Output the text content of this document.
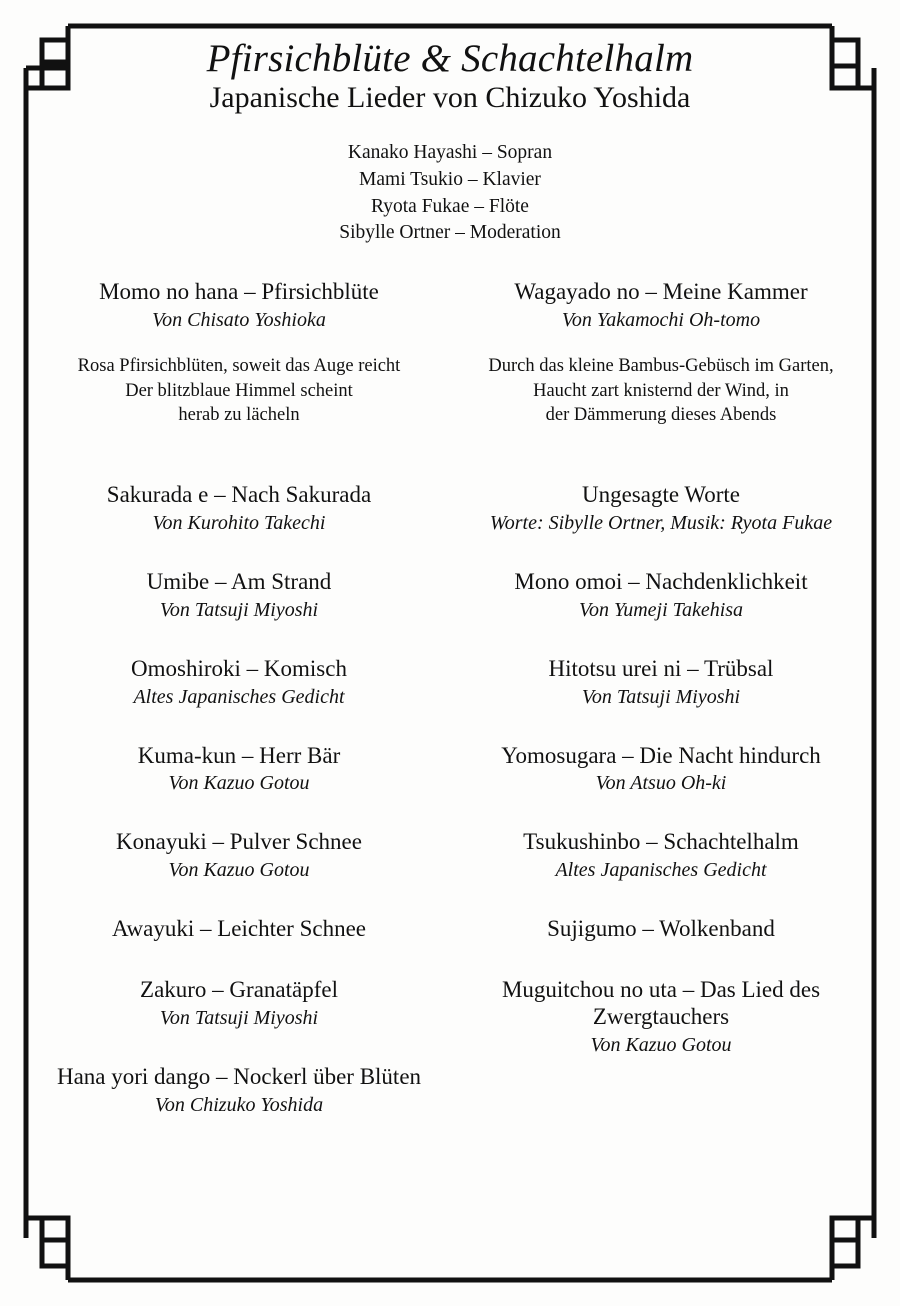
Pfirsichblüte & Schachtelhalm
Japanische Lieder von Chizuko Yoshida
Kanako Hayashi – Sopran
Mami Tsukio – Klavier
Ryota Fukae – Flöte
Sibylle Ortner – Moderation
Momo no hana – Pfirsichblüte
Von Chisato Yoshioka
Rosa Pfirsichblüten, soweit das Auge reicht
Der blitzblaue Himmel scheint
herab zu lächeln
Sakurada e – Nach Sakurada
Von Kurohito Takechi
Umibe – Am Strand
Von Tatsuji Miyoshi
Omoshiroki – Komisch
Altes Japanisches Gedicht
Kuma-kun – Herr Bär
Von Kazuo Gotou
Konayuki – Pulver Schnee
Von Kazuo Gotou
Awayuki – Leichter Schnee
Zakuro – Granatäpfel
Von Tatsuji Miyoshi
Hana yori dango – Nockerl über Blüten
Von Chizuko Yoshida
Wagayado no – Meine Kammer
Von Yakamochi Oh-tomo
Durch das kleine Bambus-Gebüsch im Garten,
Haucht zart knisternd der Wind, in
der Dämmerung dieses Abends
Ungesagte Worte
Worte: Sibylle Ortner, Musik: Ryota Fukae
Mono omoi – Nachdenklichkeit
Von Yumeji Takehisa
Hitotsu urei ni – Trübsal
Von Tatsuji Miyoshi
Yomosugara – Die Nacht hindurch
Von Atsuo Oh-ki
Tsukushinbo – Schachtelhalm
Altes Japanisches Gedicht
Sujigumo – Wolkenband
Muguitchou no uta – Das Lied des Zwergtauchers
Von Kazuo Gotou
